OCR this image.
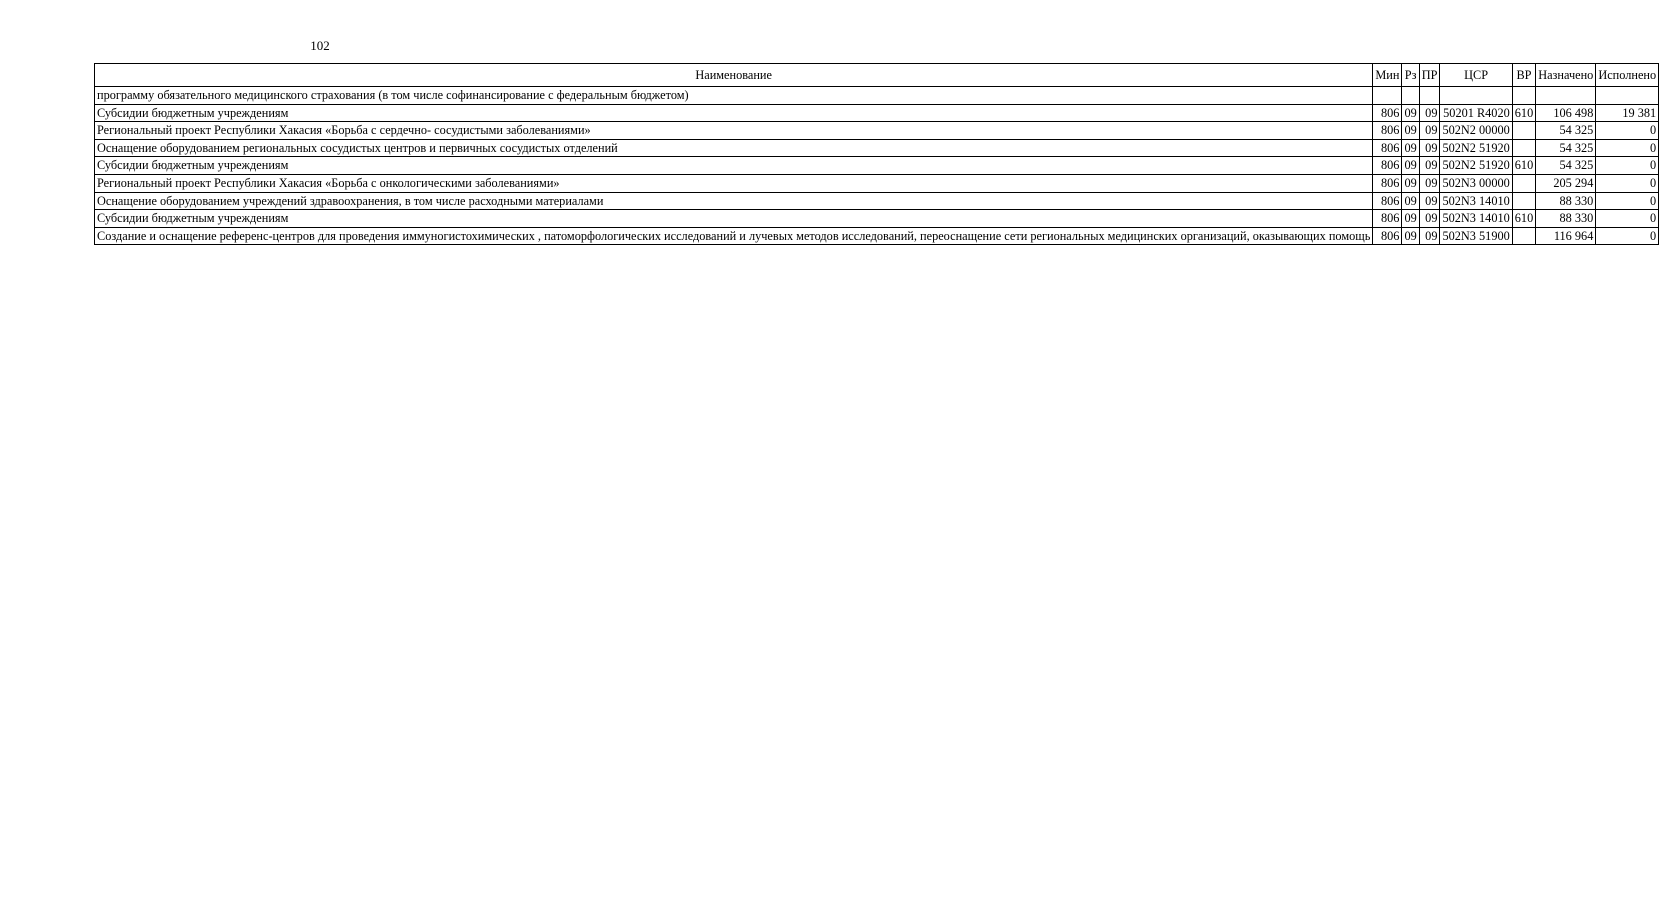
102
Наименование	Мин	Рз	ПР	ЦСР	ВР	Назначено	Исполнено
программу обязательного медицинского страхования (в том числе софинансирование с федеральным бюджетом)							
Субсидии бюджетным учреждениям	806	09	09	50201 R4020	610	106 498	19 381
Региональный проект Республики Хакасия «Борьба с сердечно- сосудистыми заболеваниями»	806	09	09	502N2 00000		54 325	0
Оснащение оборудованием региональных сосудистых центров и первичных сосудистых отделений	806	09	09	502N2 51920		54 325	0
Субсидии бюджетным учреждениям	806	09	09	502N2 51920	610	54 325	0
Региональный проект Республики Хакасия «Борьба с онкологическими заболеваниями»	806	09	09	502N3 00000		205 294	0
Оснащение оборудованием учреждений здравоохранения, в том числе расходными материалами	806	09	09	502N3 14010		88 330	0
Субсидии бюджетным учреждениям	806	09	09	502N3 14010	610	88 330	0
Создание и оснащение референс-центров для проведения иммуногистохимических , патоморфологических исследований и лучевых методов исследований, переоснащение сети региональных медицинских организаций, оказывающих помощь	806	09	09	502N3 51900		116 964	0
